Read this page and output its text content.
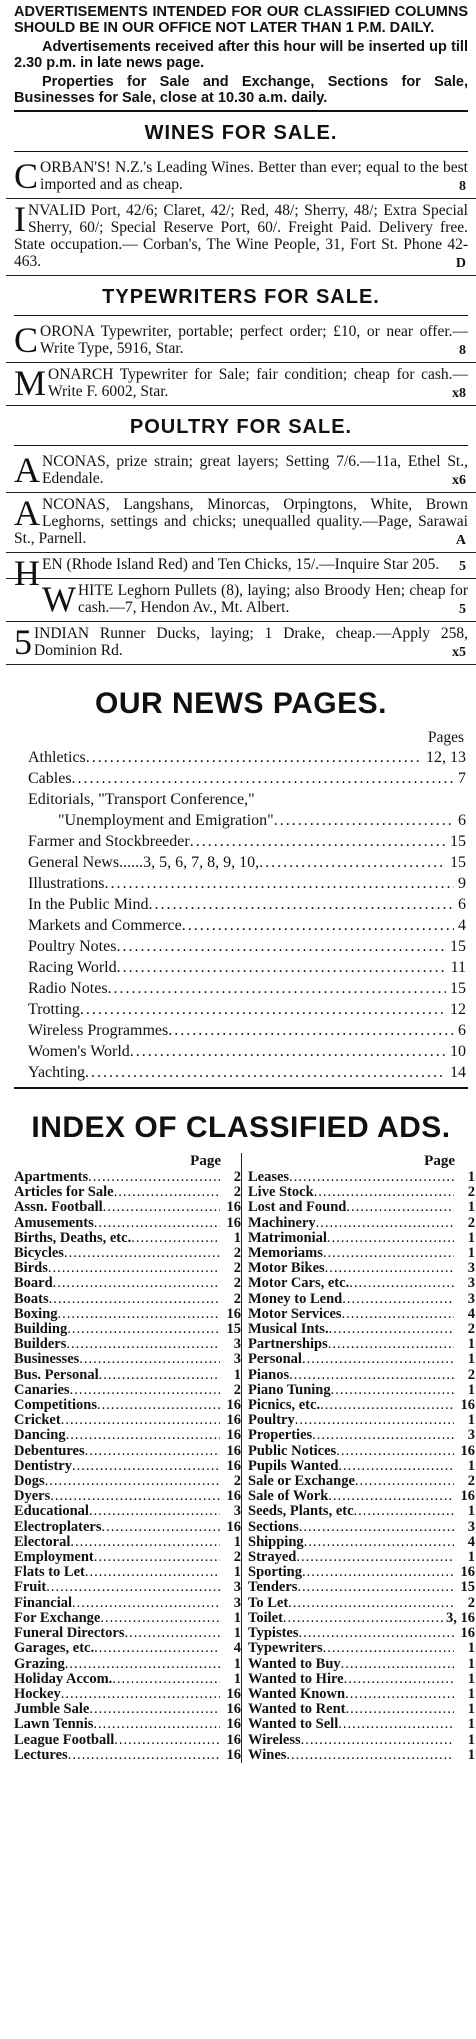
ADVERTISEMENTS INTENDED FOR OUR CLASSIFIED COLUMNS SHOULD BE IN OUR OFFICE NOT LATER THAN 1 P.M. DAILY.

Advertisements received after this hour will be inserted up till 2.30 p.m. in late news page.

Properties for Sale and Exchange, Sections for Sale, Businesses for Sale, close at 10.30 a.m. daily.

WINES FOR SALE.
CORBAN'S! N.Z.'s Leading Wines. Better than ever; equal to the best imported and as cheap.	8
INVALID Port, 42/6; Claret, 42/; Red, 48/; Sherry, 48/; Extra Special Sherry, 60/; Special Reserve Port, 60/. Freight Paid. Delivery free. State occupation.— Corban's, The Wine People, 31, Fort St. Phone 42-463.	D
TYPEWRITERS FOR SALE.
CORONA Typewriter, portable; perfect order; £10, or near offer.—Write Type, 5916, Star.	8
MONARCH Typewriter for Sale; fair condition; cheap for cash.—Write F. 6002, Star.	x8
POULTRY FOR SALE.
ANCONAS, prize strain; great layers; Setting 7/6.—11a, Ethel St., Edendale.	x6
ANCONAS, Langshans, Minorcas, Orpingtons, White, Brown Leghorns, settings and chicks; unequalled quality.—Page, Sarawai St., Parnell.	A
HEN (Rhode Island Red) and Ten Chicks, 15/.—Inquire Star 205. 5
WHITE Leghorn Pullets (8), laying; also Broody Hen; cheap for cash.—7, Hendon Av., Mt. Albert.	5
5 INDIAN Runner Ducks, laying; 1 Drake, cheap.—Apply 258, Dominion Rd.	x5
OUR NEWS PAGES.
Pages
Athletics .....	12, 13
Cables .....	7
Editorials, "Transport Conference,"
"Unemployment and Emigration" .....	6
Farmer and Stockbreeder .....	15
General News......3, 5, 6, 7, 8, 9, 10, .....	15
Illustrations .....	9
In the Public Mind .....	6
Markets and Commerce .....	4
Poultry Notes .....	15
Racing World .....	11
Radio Notes .....	15
Trotting .....	12
Wireless Programmes .....	6
Women's World .....	10
Yachting .....	14
INDEX OF CLASSIFIED ADS.
Page
Apartments .....	2
Articles for Sale .....	2
Assn. Football .....	16
Amusements .....	16
Births, Deaths, etc. .....	1
Bicycles .....	2
Birds .....	2
Board .....	2
Boats .....	2
Boxing .....	16
Building .....	15
Builders .....	3
Businesses .....	3
Bus. Personal .....	1
Canaries .....	2
Competitions .....	16
Cricket .....	16
Dancing .....	16
Debentures .....	16
Dentistry .....	16
Dogs .....	2
Dyers .....	16
Educational .....	3
Electroplaters .....	16
Electoral .....	1
Employment .....	2
Flats to Let .....	1
Fruit .....	3
Financial .....	3
For Exchange .....	1
Funeral Directors .....	1
Garages, etc. .....	4
Grazing .....	1
Holiday Accom. .....	1
Hockey .....	16
Jumble Sale .....	16
Lawn Tennis .....	16
League Football .....	16
Lectures .....	16
Page
Leases .....	1
Live Stock .....	2
Lost and Found .....	1
Machinery .....	2
Matrimonial .....	1
Memoriams .....	1
Motor Bikes .....	3
Motor Cars, etc. .....	3
Money to Lend .....	3
Motor Services .....	4
Musical Ints. .....	2
Partnerships .....	1
Personal .....	1
Pianos .....	2
Piano Tuning .....	1
Picnics, etc. .....	16
Poultry .....	1
Properties .....	3
Public Notices .....	16
Pupils Wanted .....	1
Sale or Exchange .....	2
Sale of Work .....	16
Seeds, Plants, etc .....	1
Sections .....	3
Shipping .....	4
Strayed .....	1
Sporting .....	16
Tenders .....	15
To Let .....	2
Toilet .....	3, 16
Typistes .....	16
Typewriters .....	1
Wanted to Buy .....	1
Wanted to Hire .....	1
Wanted Known .....	1
Wanted to Rent .....	1
Wanted to Sell .....	1
Wireless .....	1
Wines .....	1
